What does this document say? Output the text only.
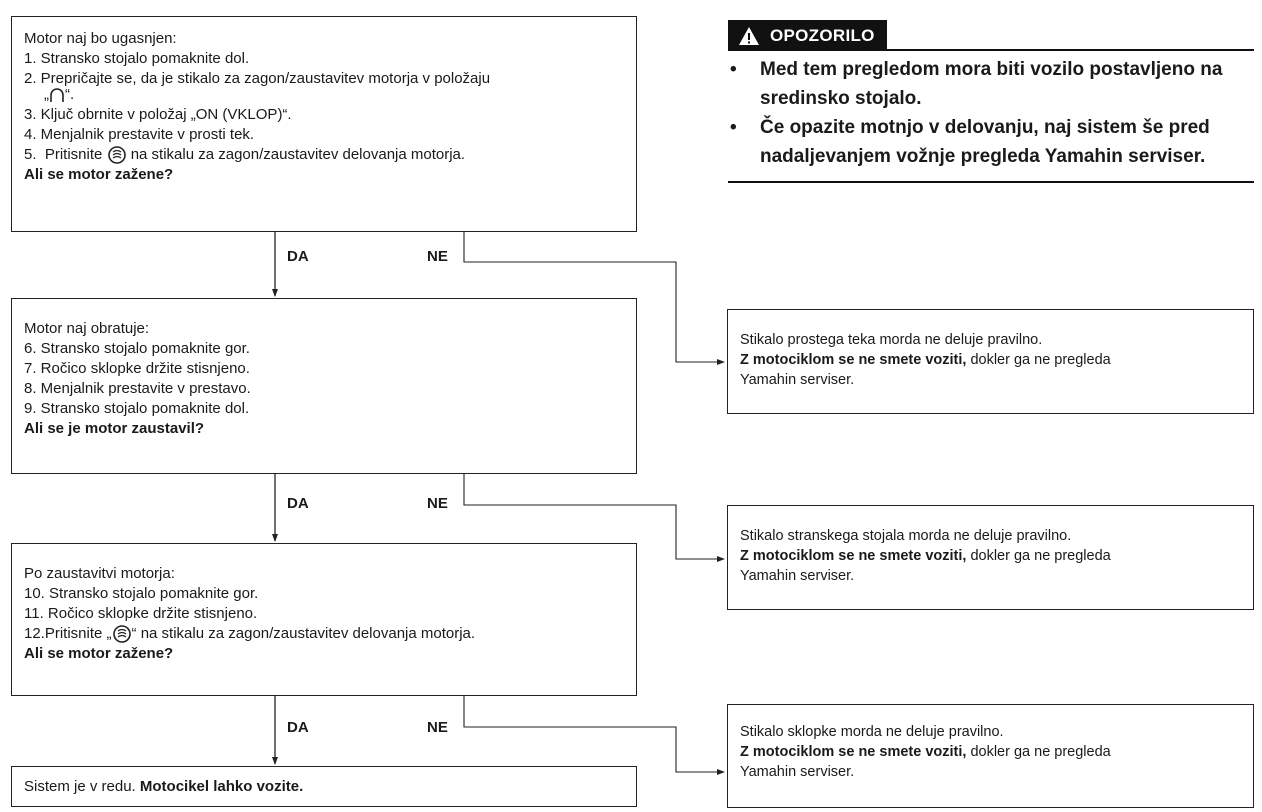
Motor naj bo ugasnjen:
1. Stransko stojalo pomaknite dol.
2. Prepričajte se, da je stikalo za zagon/zaustavitev motorja v položaju
„ “.
3. Ključ obrnite v položaj „ON (VKLOP)“.
4. Menjalnik prestavite v prosti tek.
5.  Pritisnite  na stikalu za zagon/zaustavitev delovanja motorja.
Ali se motor zažene?
Motor naj obratuje:
6. Stransko stojalo pomaknite gor.
7. Ročico sklopke držite stisnjeno.
8. Menjalnik prestavite v prestavo.
9. Stransko stojalo pomaknite dol.
Ali se je motor zaustavil?
Po zaustavitvi motorja:
10. Stransko stojalo pomaknite gor.
11. Ročico sklopke držite stisnjeno.
12.Pritisnite „ “ na stikalu za zagon/zaustavitev delovanja motorja.
Ali se motor zažene?
Sistem je v redu. Motocikel lahko vozite.
DA	NE
DA	NE
DA	NE
Stikalo prostega teka morda ne deluje pravilno.
Z motociklom se ne smete voziti, dokler ga ne pregleda
Yamahin serviser.
Stikalo stranskega stojala morda ne deluje pravilno.
Z motociklom se ne smete voziti, dokler ga ne pregleda
Yamahin serviser.
Stikalo sklopke morda ne deluje pravilno.
Z motociklom se ne smete voziti, dokler ga ne pregleda
Yamahin serviser.
OPOZORILO
•	Med tem pregledom mora biti vozilo postavljeno na sredinsko stojalo.
•	Če opazite motnjo v delovanju, naj sistem še pred nadaljevanjem vožnje pregleda Yamahin serviser.
